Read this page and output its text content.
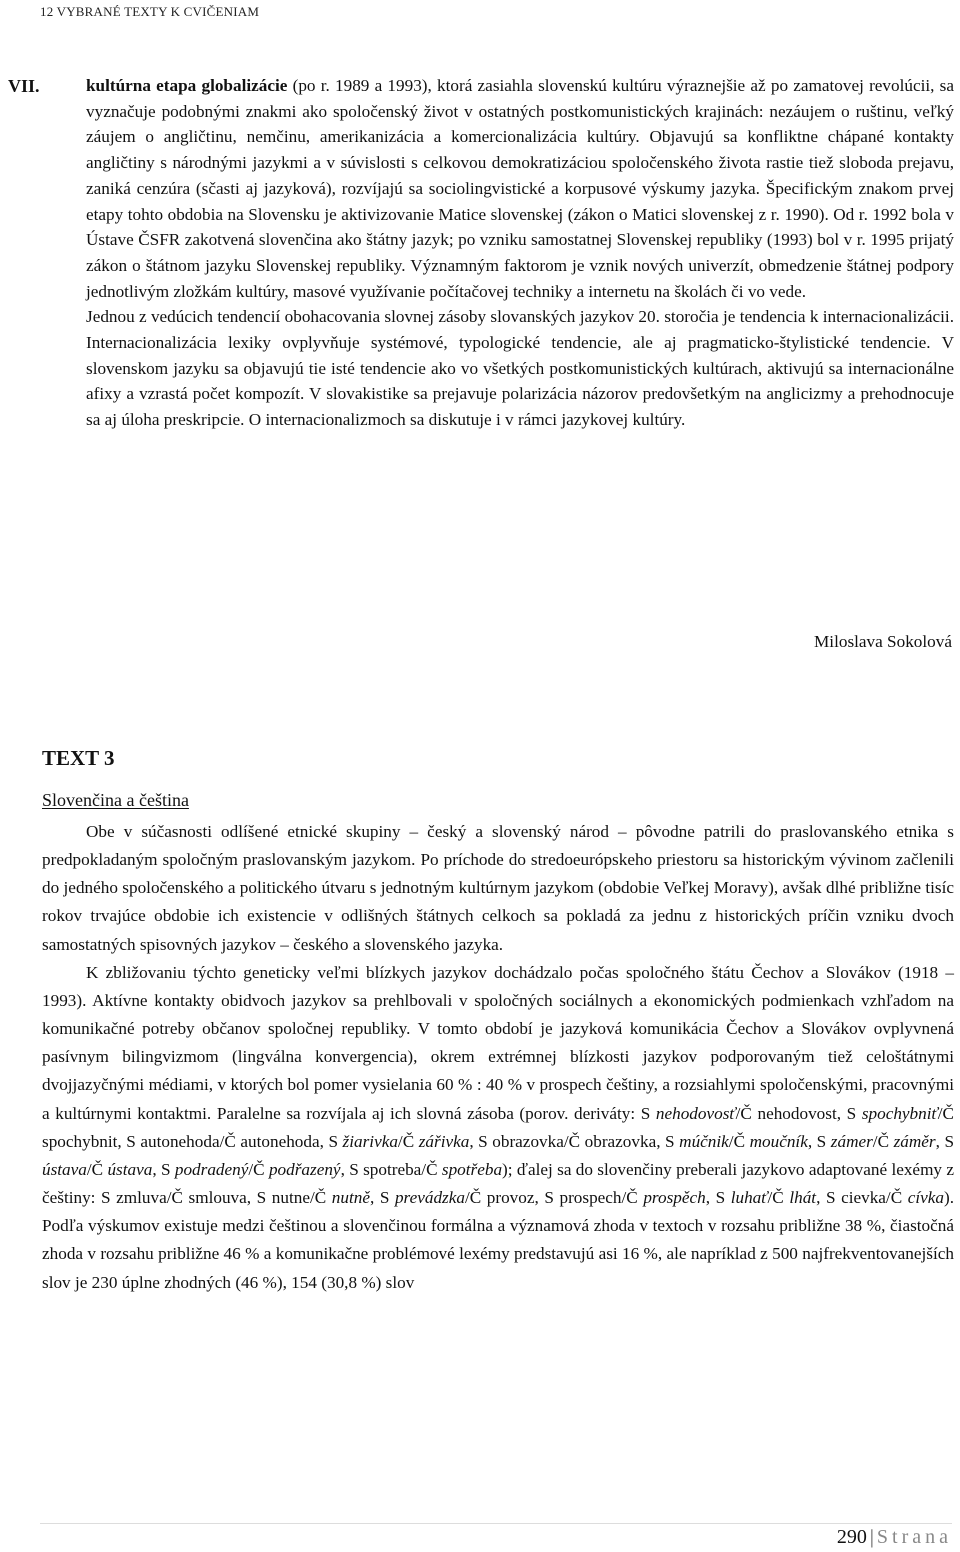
12 VYBRANÉ TEXTY K CVIČENIAM
VII.	kultúrna etapa globalizácie (po r. 1989 a 1993), ktorá zasiahla slovenskú kultúru výraznejšie až po zamatovej revolúcii, sa vyznačuje podobnými znakmi ako spoločenský život v ostatných postkomunistických krajinách: nezáujem o ruštinu, veľký záujem o angličtinu, nemčinu, amerikanizácia a komercionalizácia kultúry. Objavujú sa konfliktne chápané kontakty angličtiny s národnými jazykmi a v súvislosti s celkovou demokratizáciou spoločenského života rastie tiež sloboda prejavu, zaniká cenzúra (sčasti aj jazyková), rozvíjajú sa sociolingvistické a korpusové výskumy jazyka. Špecifickým znakom prvej etapy tohto obdobia na Slovensku je aktivizovanie Matice slovenskej (zákon o Matici slovenskej z r. 1990). Od r. 1992 bola v Ústave ČSFR zakotvená slovenčina ako štátny jazyk; po vzniku samostatnej Slovenskej republiky (1993) bol v r. 1995 prijatý zákon o štátnom jazyku Slovenskej republiky. Významným faktorom je vznik nových univerzít, obmedzenie štátnej podpory jednotlivým zložkám kultúry, masové využívanie počítačovej techniky a internetu na školách či vo vede.

Jednou z vedúcich tendencií obohacovania slovnej zásoby slovanských jazykov 20. storočia je tendencia k internacionalizácii. Internacionalizácia lexiky ovplyvňuje systémové, typologické tendencie, ale aj pragmaticko-štylistické tendencie. V slovenskom jazyku sa objavujú tie isté tendencie ako vo všetkých postkomunistických kultúrach, aktivujú sa internacionálne afixy a vzrastá počet kompozít. V slovakistike sa prejavuje polarizácia názorov predovšetkým na anglicizmy a prehodnocuje sa aj úloha preskripcie. O internacionalizmoch sa diskutuje i v rámci jazykovej kultúry.

Miloslava Sokolová
TEXT 3
Slovenčina a čeština

Obe v súčasnosti odlíšené etnické skupiny – český a slovenský národ – pôvodne patrili do praslovanského etnika s predpokladaným spoločným praslovanským jazykom. Po príchode do stredoeurópskeho priestoru sa historickým vývinom začlenili do jedného spoločenského a politického útvaru s jednotným kultúrnym jazykom (obdobie Veľkej Moravy), avšak dlhé približne tisíc rokov trvajúce obdobie ich existencie v odlišných štátnych celkoch sa pokladá za jednu z historických príčin vzniku dvoch samostatných spisovných jazykov – českého a slovenského jazyka.

K zbližovaniu týchto geneticky veľmi blízkych jazykov dochádzalo počas spoločného štátu Čechov a Slovákov (1918 – 1993). Aktívne kontakty obidvoch jazykov sa prehlbovali v spoločných sociálnych a ekonomických podmienkach vzhľadom na komunikačné potreby občanov spoločnej republiky. V tomto období je jazyková komunikácia Čechov a Slovákov ovplyvnená pasívnym bilingvizmom (lingválna konvergencia), okrem extrémnej blízkosti jazykov podporovaným tiež celoštátnymi dvojjazyčnými médiami, v ktorých bol pomer vysielania 60 % : 40 % v prospech češtiny, a rozsiahlymi spoločenskými, pracovnými a kultúrnymi kontaktmi. Paralelne sa rozvíjala aj ich slovná zásoba (porov. deriváty: S nehodovosť/Č nehodovost, S spochybniť/Č spochybnit, S autonehoda/Č autonehoda, S žiarivka/Č zářivka, S obrazovka/Č obrazovka, S múčnik/Č moučník, S zámer/Č záměr, S ústava/Č ústava, S podradený/Č podřazený, S spotreba/Č spotřeba); ďalej sa do slovenčiny preberali jazykovo adaptované lexémy z češtiny: S zmluva/Č smlouva, S nutne/Č nutně, S prevádzka/Č provoz, S prospech/Č prospěch, S luhať/Č lhát, S cievka/Č cívka). Podľa výskumov existuje medzi češtinou a slovenčinou formálna a významová zhoda v textoch v rozsahu približne 38 %, čiastočná zhoda v rozsahu približne 46 % a komunikačne problémové lexémy predstavujú asi 16 %, ale napríklad z 500 najfrekventovanejších slov je 230 úplne zhodných (46 %), 154 (30,8 %) slov

290 | Strana
